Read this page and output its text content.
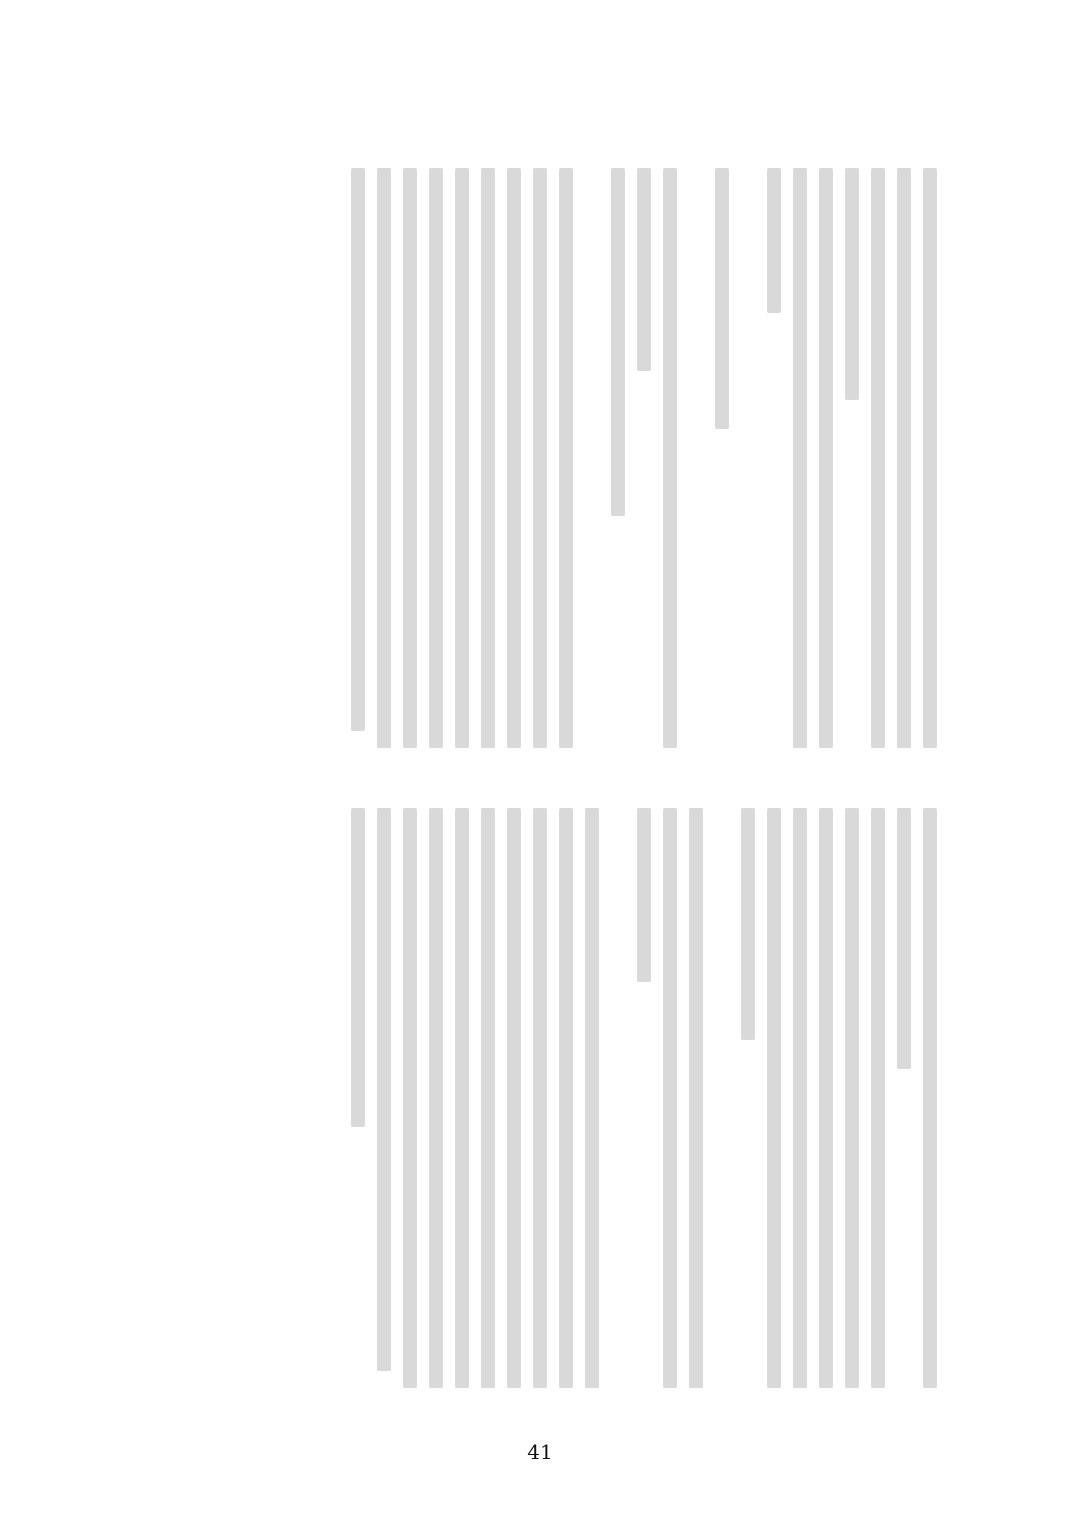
41
